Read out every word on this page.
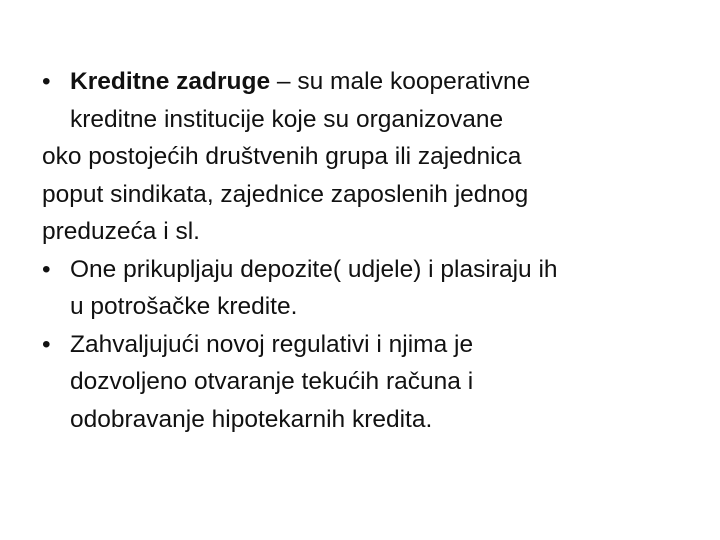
• Kreditne zadruge – su male kooperativne

kreditne institucije koje su organizovane

oko postojećih društvenih grupa ili zajednica

poput sindikata, zajednice zaposlenih jednog

preduzeća i sl.

• One prikupljaju depozite( udjele) i plasiraju ih

u potrošačke kredite.

• Zahvaljujući novoj regulativi i njima je

dozvoljeno otvaranje tekućih računa i

odobravanje hipotekarnih kredita.
